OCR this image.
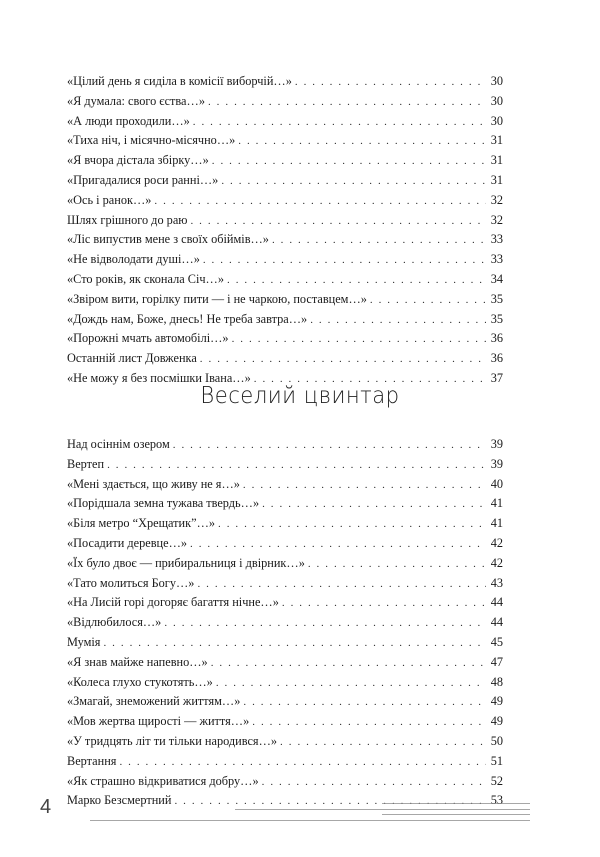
«Цілий день я сиділа в комісії виборчій…» . . .	30
«Я думала: свого єства…» . . .	30
«А люди проходили…» . . .	30
«Тиха ніч, і місячно-місячно…» . . .	31
«Я вчора дістала збірку…» . . .	31
«Пригадалися роси ранні…» . . .	31
«Ось і ранок…» . . .	32
Шлях грішного до раю . . .	32
«Ліс випустив мене з своїх обіймів…» . . .	33
«Не відволодати душі…» . . .	33
«Сто років, як сконала Січ…» . . .	34
«Звіром вити, горілку пити — і не чаркою, поставцем…» . . .	35
«Дождь нам, Боже, днесь! Не треба завтра…» . . .	35
«Порожні мчать автомобілі…» . . .	36
Останній лист Довженка . . .	36
«Не можу я без посмішки Івана…» . . .	37
Веселий цвинтар
Над осіннім озером . . .	39
Вертеп . . .	39
«Мені здається, що живу не я…» . . .	40
«Порідшала земна тужава твердь…» . . .	41
«Біля метро “Хрещатик”…» . . .	41
«Посадити деревце…» . . .	42
«Їх було двоє — прибиральниця і двірник…» . . .	42
«Тато молиться Богу…» . . .	43
«На Лисій горі догоряє багаття нічне…» . . .	44
«Відлюбилося…» . . .	44
Мумія . . .	45
«Я знав майже напевно…» . . .	47
«Колеса глухо стукотять…» . . .	48
«Змагай, знеможений життям…» . . .	49
«Мов жертва щирості — життя…» . . .	49
«У тридцять літ ти тільки народився…» . . .	50
Вертання . . .	51
«Як страшно відкриватися добру…» . . .	52
Марко Безсмертний . . .	53
4
